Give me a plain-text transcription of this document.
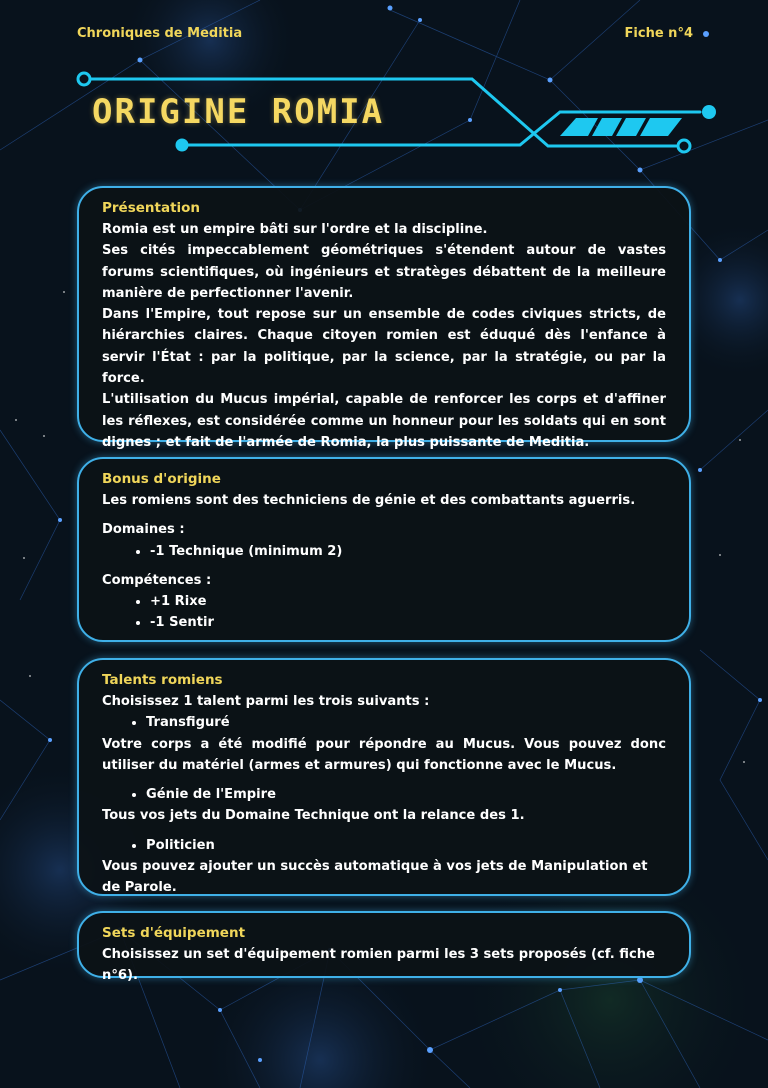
Chroniques de Meditia	Fiche n°4
ORIGINE ROMIA
Présentation

Romia est un empire bâti sur l'ordre et la discipline.

Ses cités impeccablement géométriques s'étendent autour de vastes forums scientifiques, où ingénieurs et stratèges débattent de la meilleure manière de perfectionner l'avenir.

Dans l'Empire, tout repose sur un ensemble de codes civiques stricts, de hiérarchies claires. Chaque citoyen romien est éduqué dès l'enfance à servir l'État : par la politique, par la science, par la stratégie, ou par la force.

L'utilisation du Mucus impérial, capable de renforcer les corps et d'affiner les réflexes, est considérée comme un honneur pour les soldats qui en sont dignes ; et fait de l'armée de Romia, la plus puissante de Meditia.

Bonus d'origine

Les romiens sont des techniciens de génie et des combattants aguerris.

Domaines :

• -1 Technique (minimum 2)

Compétences :

• +1 Rixe
• -1 Sentir
Talents romiens

Choisissez 1 talent parmi les trois suivants :

• Transfiguré

Votre corps a été modifié pour répondre au Mucus. Vous pouvez donc utiliser du matériel (armes et armures) qui fonctionne avec le Mucus.

• Génie de l'Empire

Tous vos jets du Domaine Technique ont la relance des 1.

• Politicien

Vous pouvez ajouter un succès automatique à vos jets de Manipulation et de Parole.

Sets d'équipement

Choisissez un set d'équipement romien parmi les 3 sets proposés (cf. fiche n°6).
